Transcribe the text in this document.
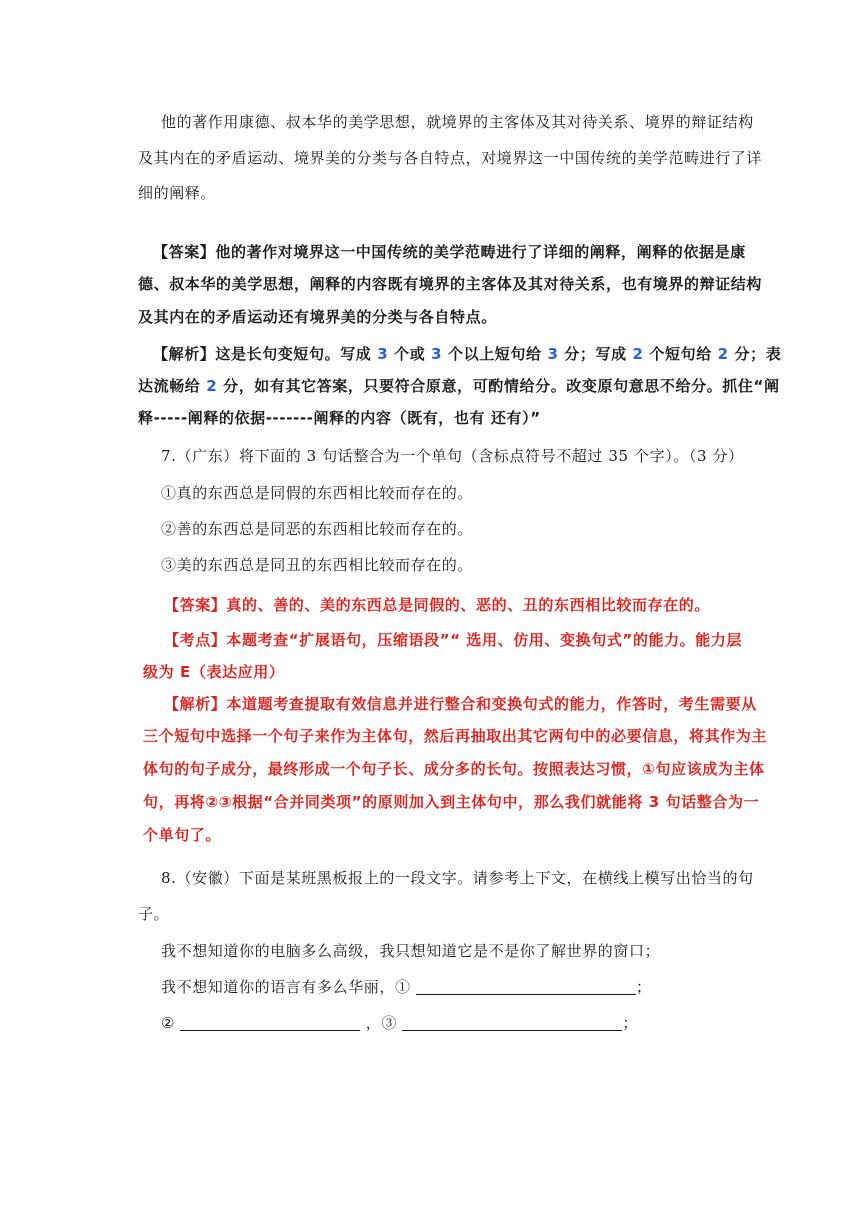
他的著作用康德、叔本华的美学思想，就境界的主客体及其对待关系、境界的辩证结构
及其内在的矛盾运动、境界美的分类与各自特点，对境界这一中国传统的美学范畴进行了详
细的阐释。
【答案】他的著作对境界这一中国传统的美学范畴进行了详细的阐释，阐释的依据是康
德、叔本华的美学思想，阐释的内容既有境界的主客体及其对待关系，也有境界的辩证结构
及其内在的矛盾运动还有境界美的分类与各自特点。
【解析】这是长句变短句。写成 3 个或 3 个以上短句给 3 分；写成 2 个短句给 2 分；表
达流畅给 2 分，如有其它答案，只要符合原意，可酌情给分。改变原句意思不给分。抓住“阐
释-----阐释的依据-------阐释的内容（既有，也有 还有）”
7.（广东）将下面的 3 句话整合为一个单句（含标点符号不超过 35 个字）。（3 分）
①真的东西总是同假的东西相比较而存在的。
②善的东西总是同恶的东西相比较而存在的。
③美的东西总是同丑的东西相比较而存在的。
【答案】真的、善的、美的东西总是同假的、恶的、丑的东西相比较而存在的。
【考点】本题考查“扩展语句，压缩语段”“ 选用、仿用、变换句式”的能力。能力层
级为 E（表达应用）
【解析】本道题考查提取有效信息并进行整合和变换句式的能力，作答时，考生需要从
三个短句中选择一个句子来作为主体句，然后再抽取出其它两句中的必要信息，将其作为主
体句的句子成分，最终形成一个句子长、成分多的长句。按照表达习惯，①句应该成为主体
句，再将②③根据“合并同类项”的原则加入到主体句中，那么我们就能将 3 句话整合为一
个单句了。
8.（安徽）下面是某班黑板报上的一段文字。请参考上下文，在横线上模写出恰当的句
子。
我不想知道你的电脑多么高级，我只想知道它是不是你了解世界的窗口；
我不想知道你的语言有多么华丽，①	；
②	，③	；
